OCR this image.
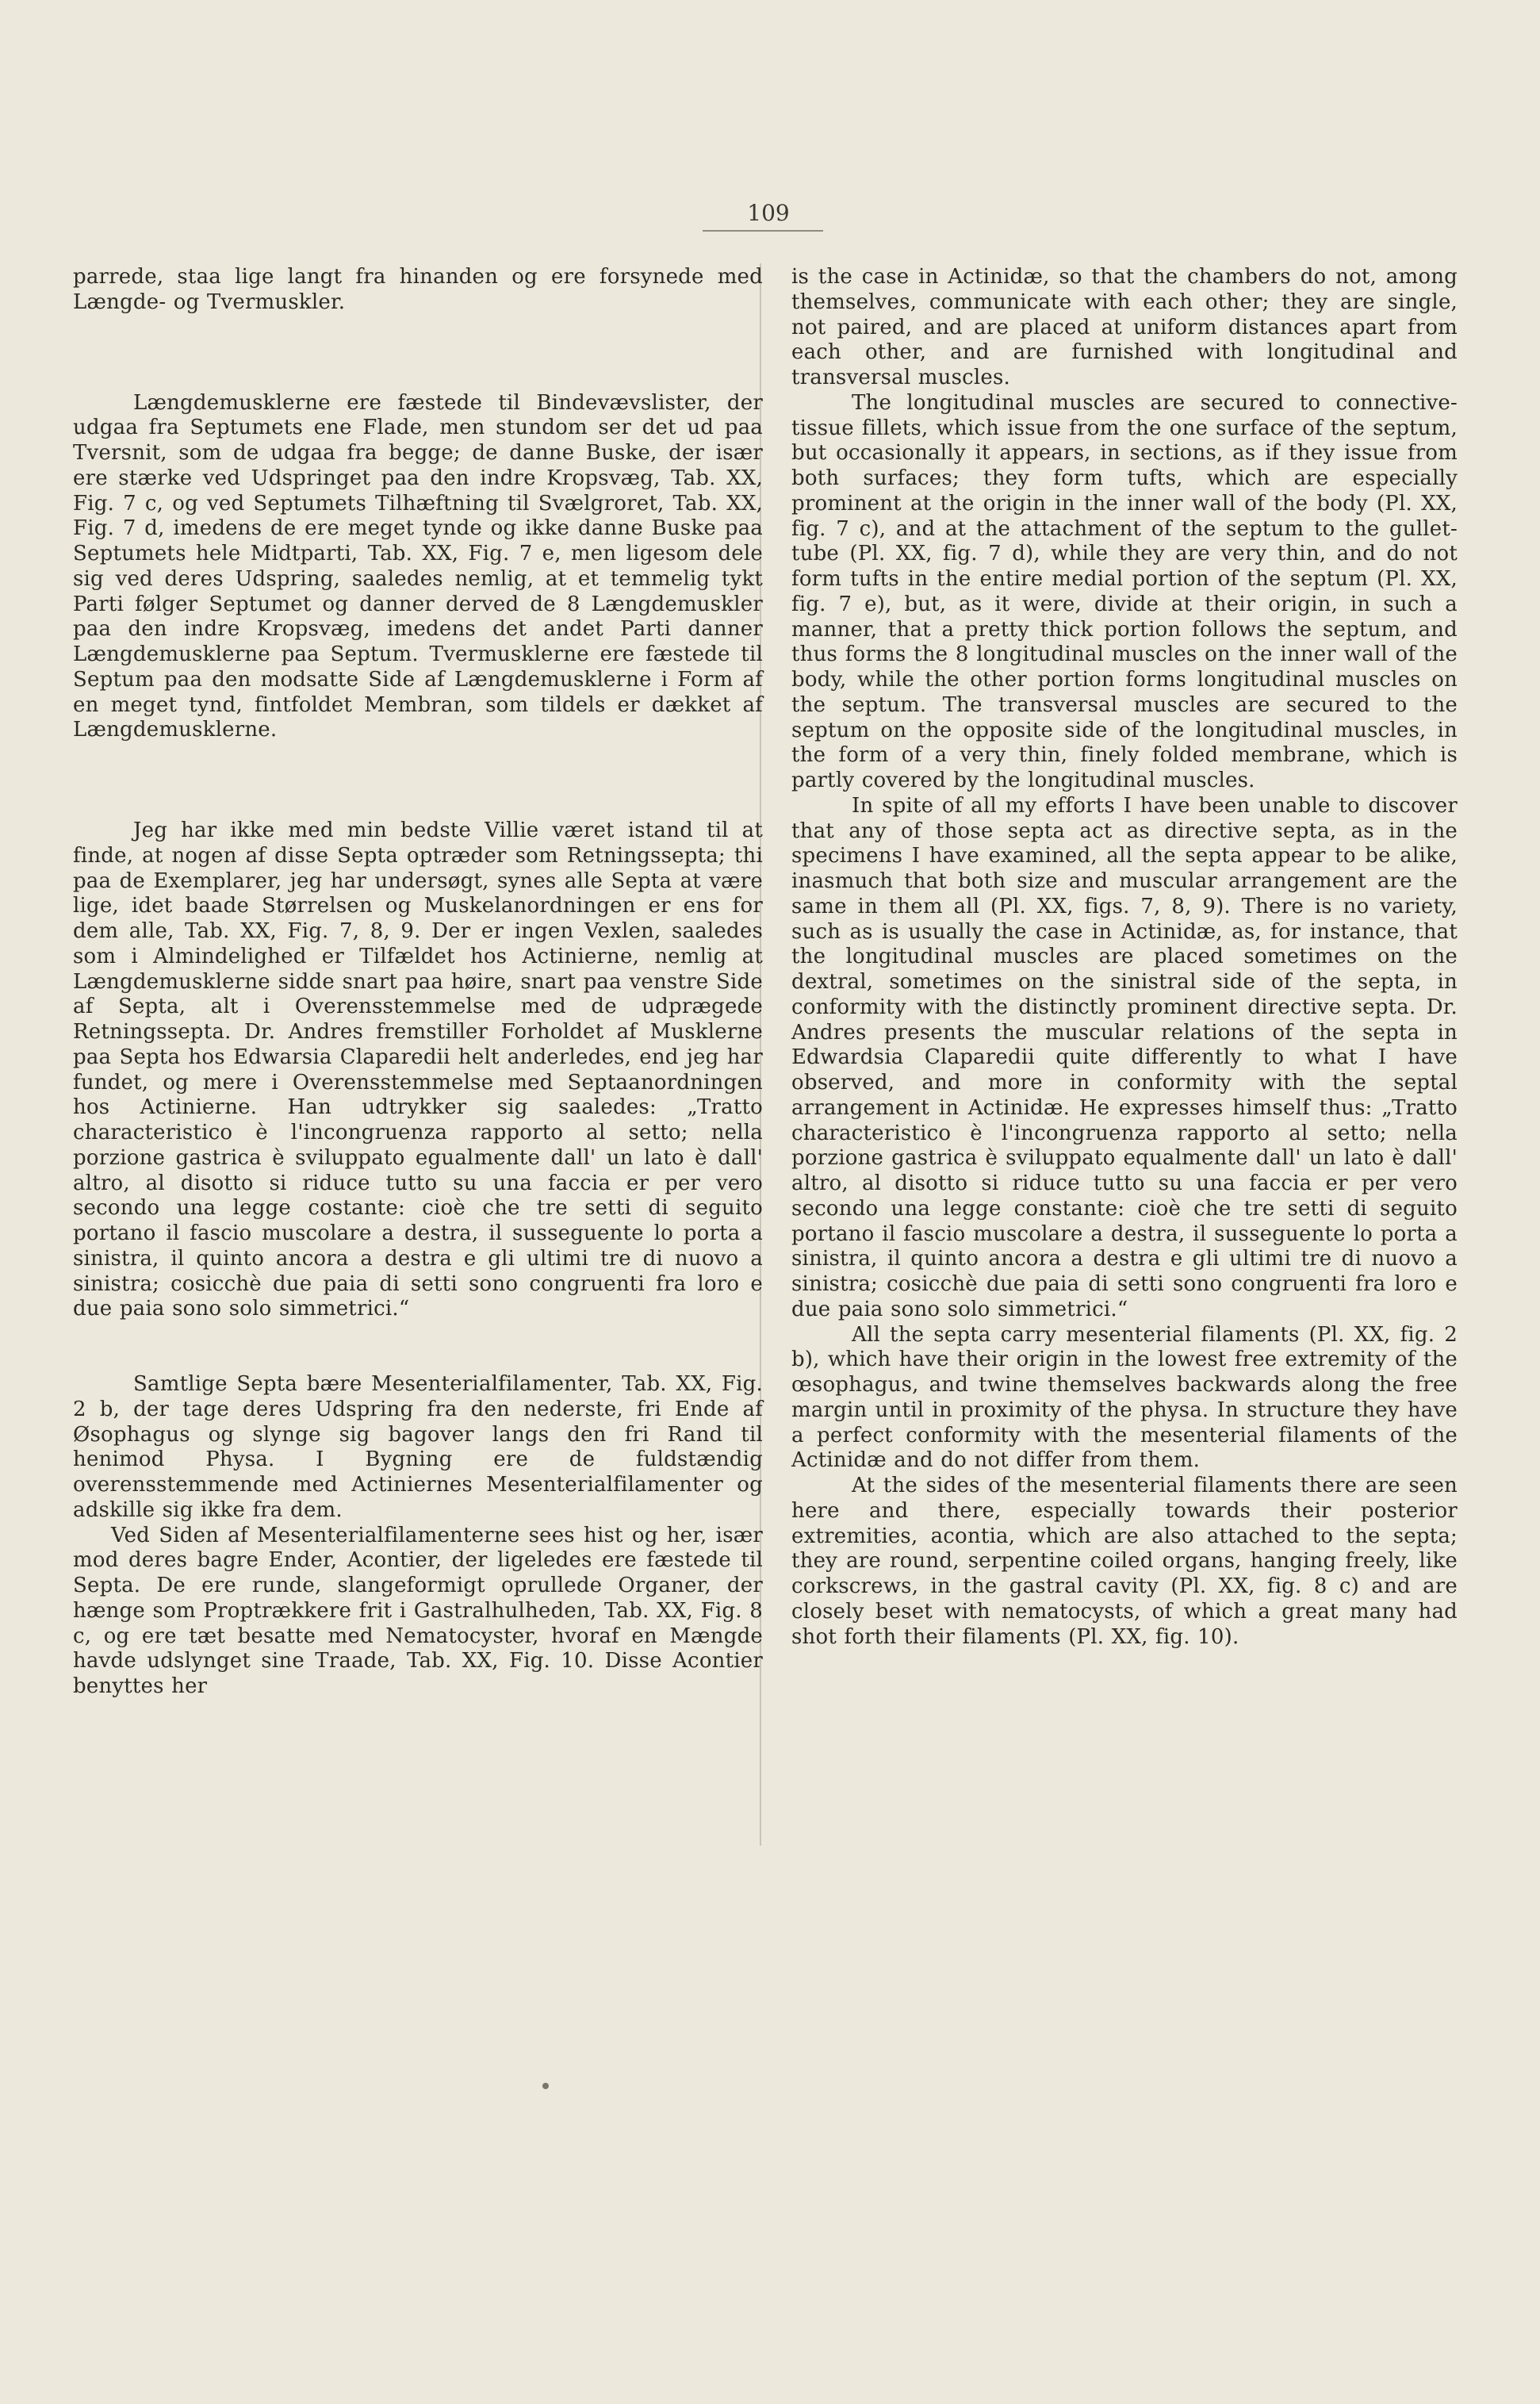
109

parrede, staa lige langt fra hinanden og ere forsynede med Længde- og Tvermuskler.

Længdemusklerne ere fæstede til Bindevævslister, der udgaa fra Septumets ene Flade, men stundom ser det ud paa Tversnit, som de udgaa fra begge; de danne Buske, der især ere stærke ved Udspringet paa den indre Kropsvæg, Tab. XX, Fig. 7 c, og ved Septumets Tilhæftning til Svælgroret, Tab. XX, Fig. 7 d, imedens de ere meget tynde og ikke danne Buske paa Septumets hele Midtparti, Tab. XX, Fig. 7 e, men ligesom dele sig ved deres Udspring, saaledes nemlig, at et temmelig tykt Parti følger Septumet og danner derved de 8 Længdemuskler paa den indre Kropsvæg, imedens det andet Parti danner Længdemusklerne paa Septum. Tvermusklerne ere fæstede til Septum paa den modsatte Side af Længdemusklerne i Form af en meget tynd, fintfoldet Membran, som tildels er dækket af Længdemusklerne.

Jeg har ikke med min bedste Villie været istand til at finde, at nogen af disse Septa optræder som Retningssepta; thi paa de Exemplarer, jeg har undersøgt, synes alle Septa at være lige, idet baade Størrelsen og Muskelanordningen er ens for dem alle, Tab. XX, Fig. 7, 8, 9. Der er ingen Vexlen, saaledes som i Almindelighed er Tilfældet hos Actinierne, nemlig at Længdemusklerne sidde snart paa høire, snart paa venstre Side af Septa, alt i Overensstemmelse med de udprægede Retningssepta. Dr. Andres fremstiller Forholdet af Musklerne paa Septa hos Edwarsia Claparedii helt anderledes, end jeg har fundet, og mere i Overensstemmelse med Septaanordningen hos Actinierne. Han udtrykker sig saaledes: „Tratto characteristico è l'incongruenza rapporto al setto; nella porzione gastrica è sviluppato egualmente dall' un lato è dall' altro, al disotto si riduce tutto su una faccia er per vero secondo una legge costante: cioè che tre setti di seguito portano il fascio muscolare a destra, il susseguente lo porta a sinistra, il quinto ancora a destra e gli ultimi tre di nuovo a sinistra; cosicchè due paia di setti sono congruenti fra loro e due paia sono solo simmetrici.“

Samtlige Septa bære Mesenterialfilamenter, Tab. XX, Fig. 2 b, der tage deres Udspring fra den nederste, fri Ende af Øsophagus og slynge sig bagover langs den fri Rand til henimod Physa. I Bygning ere de fuldstændig overensstemmende med Actiniernes Mesenterialfilamenter og adskille sig ikke fra dem.

Ved Siden af Mesenterialfilamenterne sees hist og her, især mod deres bagre Ender, Acontier, der ligeledes ere fæstede til Septa. De ere runde, slangeformigt oprullede Organer, der hænge som Proptrækkere frit i Gastralhulheden, Tab. XX, Fig. 8 c, og ere tæt besatte med Nematocyster, hvoraf en Mængde havde udslynget sine Traade, Tab. XX, Fig. 10. Disse Acontier benyttes her

is the case in Actinidæ, so that the chambers do not, among themselves, communicate with each other; they are single, not paired, and are placed at uniform distances apart from each other, and are furnished with longitudinal and transversal muscles.

The longitudinal muscles are secured to connective-tissue fillets, which issue from the one surface of the septum, but occasionally it appears, in sections, as if they issue from both surfaces; they form tufts, which are especially prominent at the origin in the inner wall of the body (Pl. XX, fig. 7 c), and at the attachment of the septum to the gullet-tube (Pl. XX, fig. 7 d), while they are very thin, and do not form tufts in the entire medial portion of the septum (Pl. XX, fig. 7 e), but, as it were, divide at their origin, in such a manner, that a pretty thick portion follows the septum, and thus forms the 8 longitudinal muscles on the inner wall of the body, while the other portion forms longitudinal muscles on the septum. The transversal muscles are secured to the septum on the opposite side of the longitudinal muscles, in the form of a very thin, finely folded membrane, which is partly covered by the longitudinal muscles.

In spite of all my efforts I have been unable to discover that any of those septa act as directive septa, as in the specimens I have examined, all the septa appear to be alike, inasmuch that both size and muscular arrangement are the same in them all (Pl. XX, figs. 7, 8, 9). There is no variety, such as is usually the case in Actinidæ, as, for instance, that the longitudinal muscles are placed sometimes on the dextral, sometimes on the sinistral side of the septa, in conformity with the distinctly prominent directive septa. Dr. Andres presents the muscular relations of the septa in Edwardsia Claparedii quite differently to what I have observed, and more in conformity with the septal arrangement in Actinidæ. He expresses himself thus: „Tratto characteristico è l'incongruenza rapporto al setto; nella porzione gastrica è sviluppato equalmente dall' un lato è dall' altro, al disotto si riduce tutto su una faccia er per vero secondo una legge constante: cioè che tre setti di seguito portano il fascio muscolare a destra, il susseguente lo porta a sinistra, il quinto ancora a destra e gli ultimi tre di nuovo a sinistra; cosicchè due paia di setti sono congruenti fra loro e due paia sono solo simmetrici.“

All the septa carry mesenterial filaments (Pl. XX, fig. 2 b), which have their origin in the lowest free extremity of the œsophagus, and twine themselves backwards along the free margin until in proximity of the physa. In structure they have a perfect conformity with the mesenterial filaments of the Actinidæ and do not differ from them.

At the sides of the mesenterial filaments there are seen here and there, especially towards their posterior extremities, acontia, which are also attached to the septa; they are round, serpentine coiled organs, hanging freely, like corkscrews, in the gastral cavity (Pl. XX, fig. 8 c) and are closely beset with nematocysts, of which a great many had shot forth their filaments (Pl. XX, fig. 10).
